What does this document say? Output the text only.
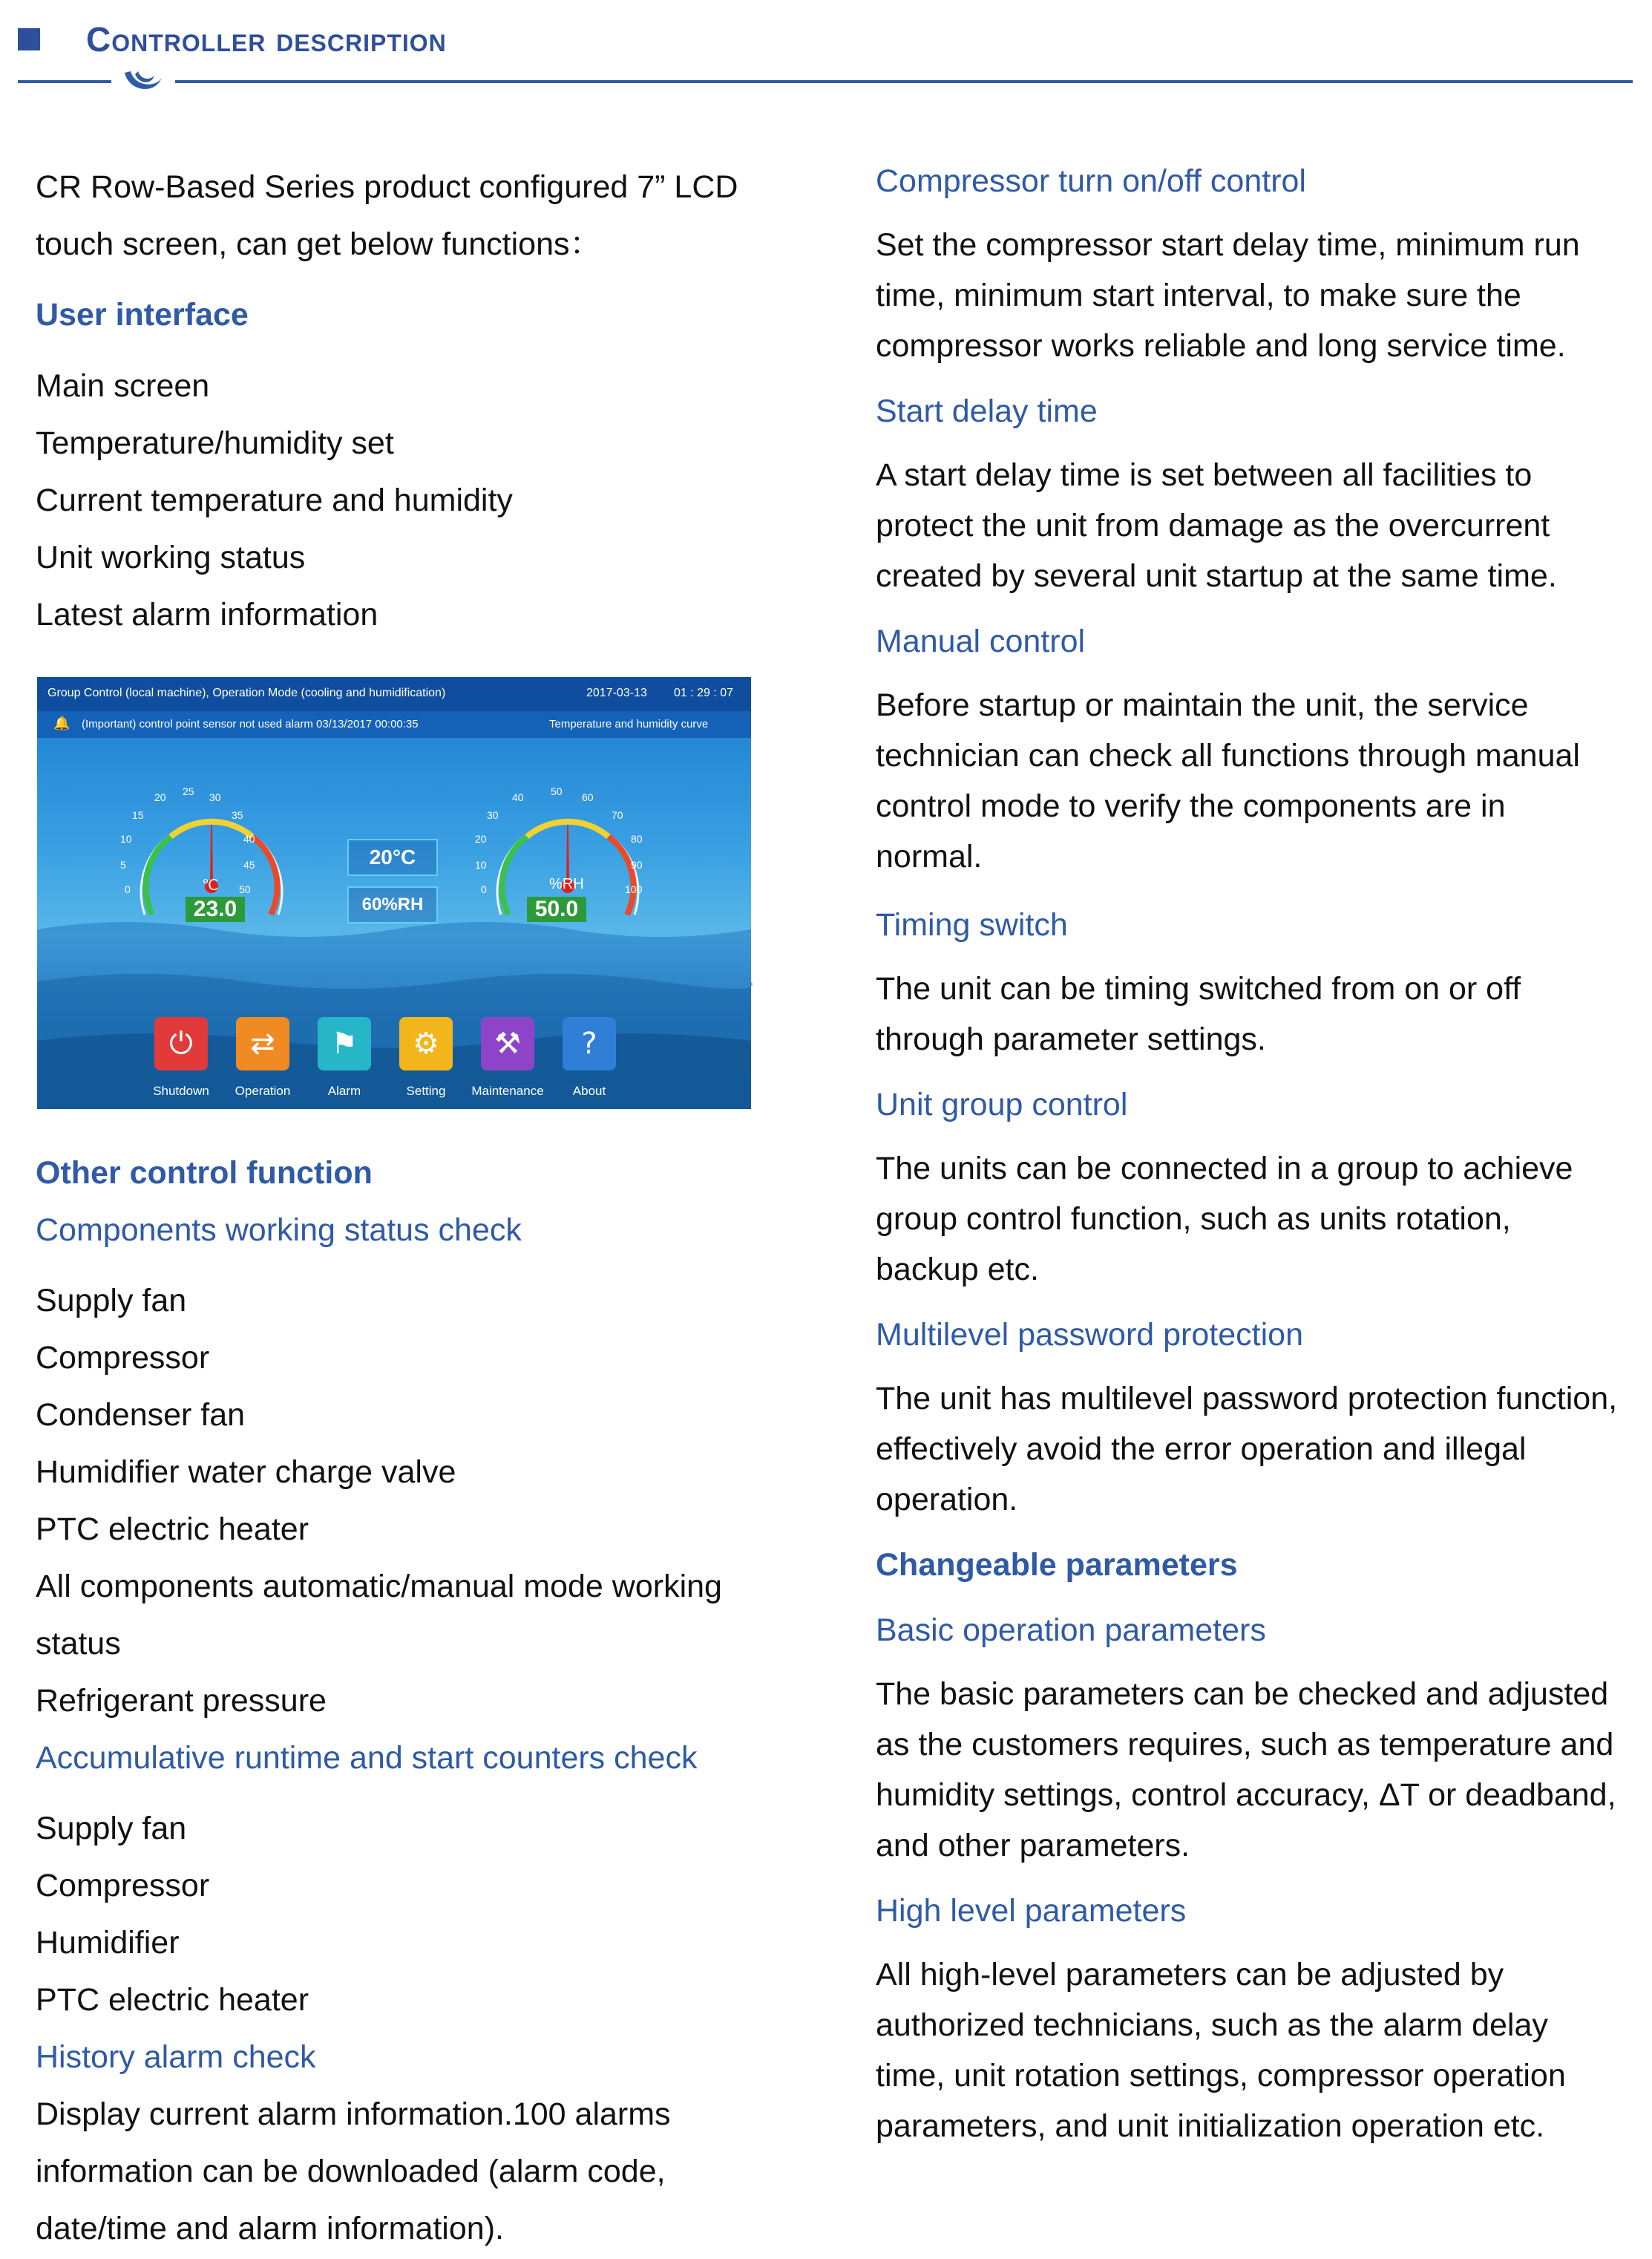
Controller description
CR Row-Based Series product configured 7” LCD touch screen, can get below functions：
User interface
Main screen
Temperature/humidity set
Current temperature and humidity
Unit working status
Latest alarm information
Group Control (local machine), Operation Mode (cooling and humidification)	2017-03-13 01 : 29 : 07
🔔 (Important) control point sensor not used alarm 03/13/2017 00:00:35	Temperature and humidity curve
0
0
5
10
15
20 25 30
35
40
45
50
℃
23.0
20°C
60%RH
0
10
20
30
40	50 60
70
80
90
100
%RH
50.0
⏻ ⇄ ⚑ ⚙ ⚒ ?
Shutdown	Operation	Alarm	Setting	Maintenance	About
Other control function
Components working status check
Supply fan
Compressor
Condenser fan
Humidifier water charge valve
PTC electric heater
All components automatic/manual mode working status
Refrigerant pressure
Accumulative runtime and start counters check
Supply fan
Compressor
Humidifier
PTC electric heater
History alarm check
Display current alarm information.100 alarms information can be downloaded (alarm code, date/time and alarm information).
Compressor turn on/off control
Set the compressor start delay time, minimum run time, minimum start interval, to make sure the compressor works reliable and long service time.
Start delay time
A start delay time is set between all facilities to protect the unit from damage as the overcurrent created by several unit startup at the same time.
Manual control
Before startup or maintain the unit, the service technician can check all functions through manual control mode to verify the components are in normal.
Timing switch
The unit can be timing switched from on or off through parameter settings.
Unit group control
The units can be connected in a group to achieve group control function, such as units rotation, backup etc.
Multilevel password protection
The unit has multilevel password protection function, effectively avoid the error operation and illegal operation.
Changeable parameters
Basic operation parameters
The basic parameters can be checked and adjusted as the customers requires, such as temperature and humidity settings, control accuracy, ΔT or deadband, and other parameters.
High level parameters
All high-level parameters can be adjusted by authorized technicians, such as the alarm delay time, unit rotation settings, compressor operation parameters, and unit initialization operation etc.
